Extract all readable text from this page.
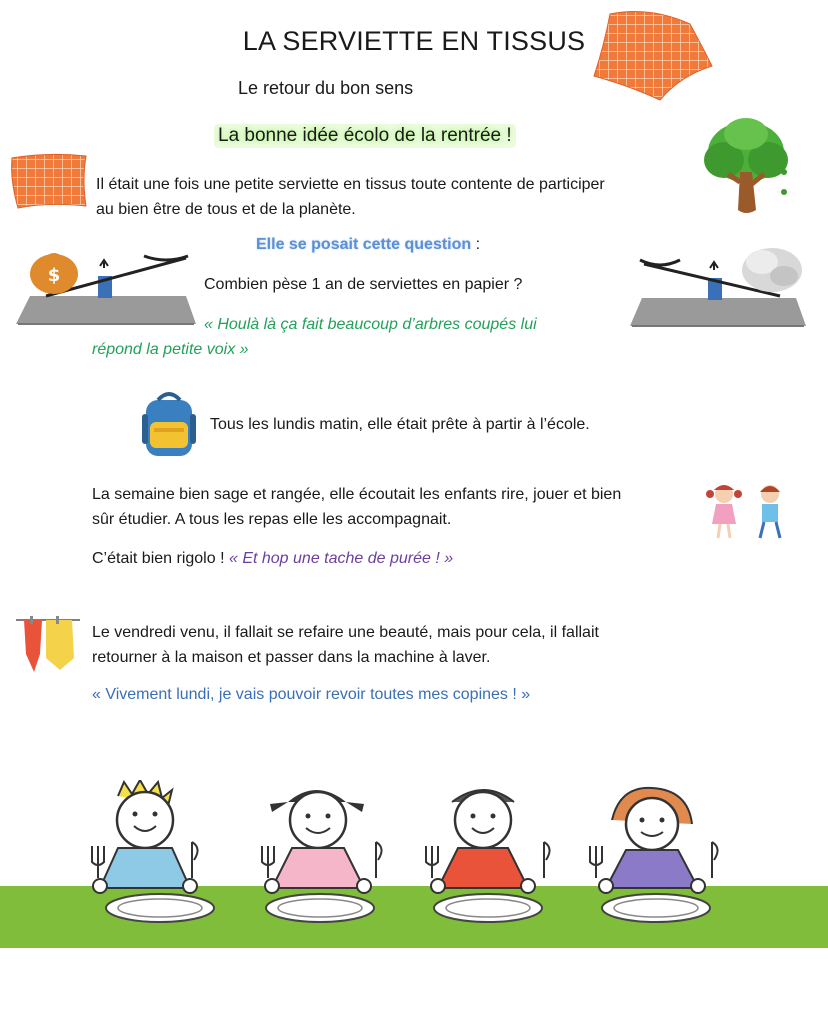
LA SERVIETTE EN TISSUS
Le retour du bon sens
La bonne idée écolo de la rentrée !
Il était une fois une petite serviette en tissus toute contente de participer
au bien être de tous et de la planète.
Elle se posait cette question :
$	Combien pèse 1 an de serviettes en papier ?
« Houlà là ça fait beaucoup d’arbres coupés lui
répond la petite voix »
Tous les lundis matin, elle était prête à partir à l’école.
La semaine bien sage et rangée, elle écoutait les enfants rire, jouer et bien
sûr étudier. A tous les repas elle les accompagnait.
C’était bien rigolo ! « Et hop une tache de purée ! »
Le vendredi venu, il fallait se refaire une beauté, mais pour cela, il fallait
retourner à la maison et passer dans la machine à laver.
« Vivement lundi, je vais pouvoir revoir toutes mes copines ! »
